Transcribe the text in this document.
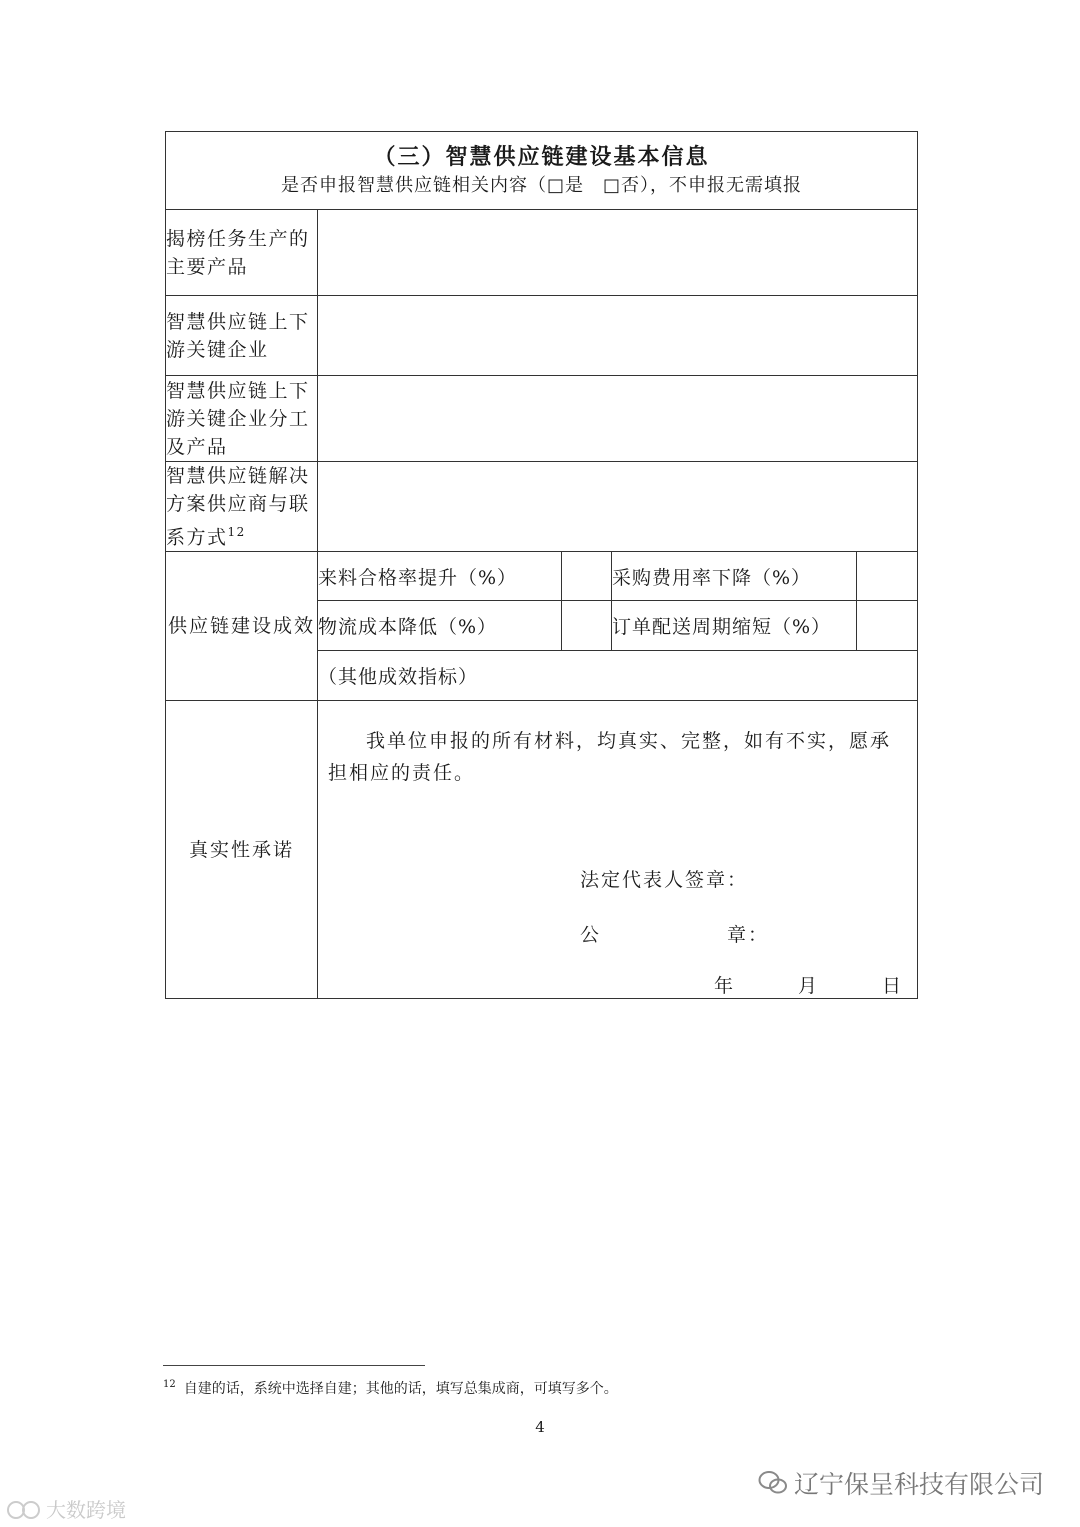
（三）智慧供应链建设基本信息
是否申报智慧供应链相关内容（□是　□否），不申报无需填报				

揭榜任务生产的主要产品				
智慧供应链上下游关键企业				
智慧供应链上下游关键企业分工及产品				
智慧供应链解决方案供应商与联系方式$^{12}$	
供应链建设成效	来料合格率提升（%）		采购费用率下降（%）	
	物流成本降低（%）		订单配送周期缩短（%）	
	（其他成效指标）			
真实性承诺	我单位申报的所有材料，均真实、完整，如有不实，愿承担相应的责任。
法定代表人签章：
公　　　　　　章：
年　　　月　　　日			
$^{12}$ 自建的话，系统中选择自建；其他的话，填写总集成商，可填写多个。
4
辽宁保呈科技有限公司
大数跨境
